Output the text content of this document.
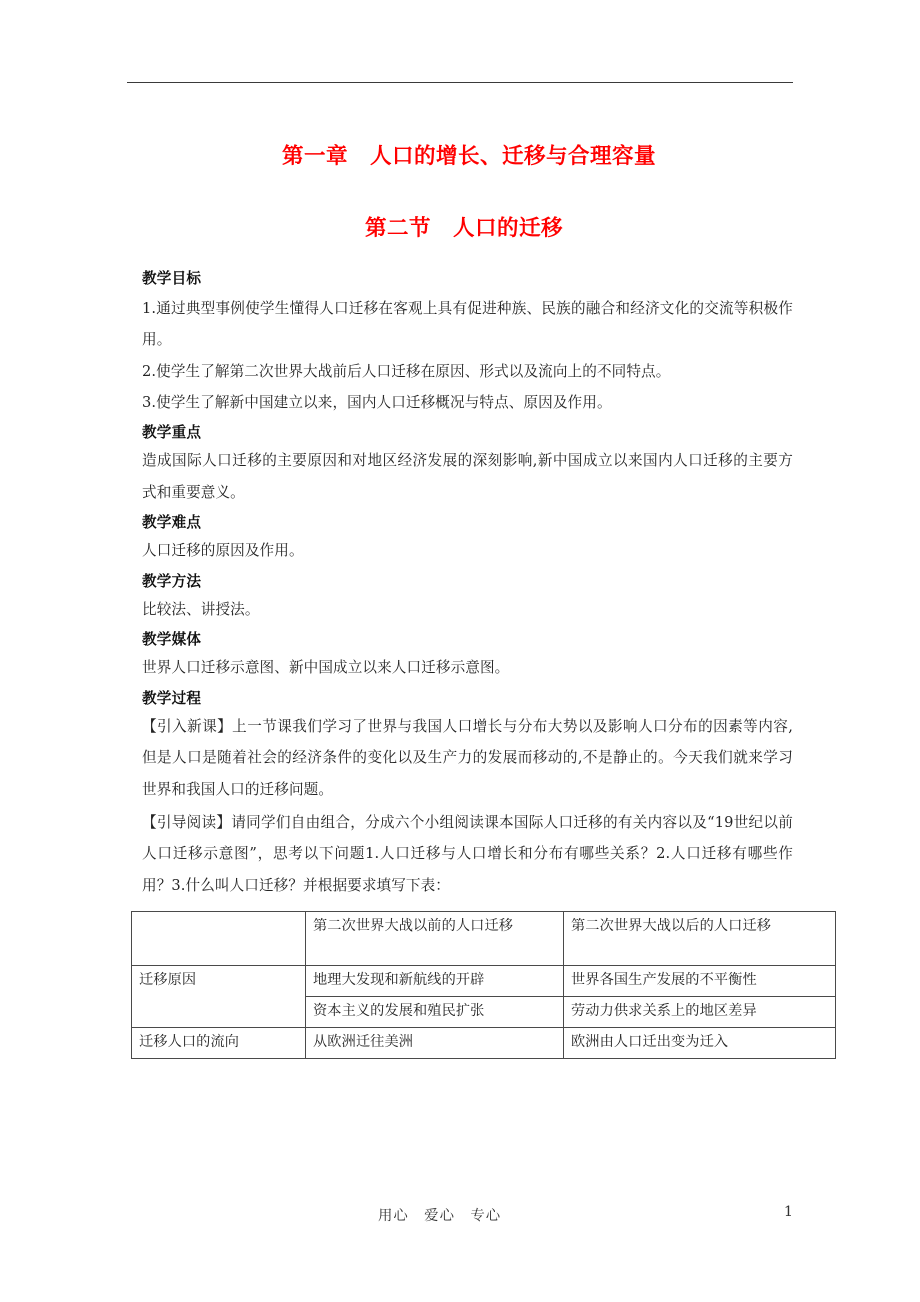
第一章　人口的增长、迁移与合理容量
第二节　人口的迁移

教学目标

1.通过典型事例使学生懂得人口迁移在客观上具有促进种族、民族的融合和经济文化的交流等积极作用。

2.使学生了解第二次世界大战前后人口迁移在原因、形式以及流向上的不同特点。

3.使学生了解新中国建立以来，国内人口迁移概况与特点、原因及作用。

教学重点

造成国际人口迁移的主要原因和对地区经济发展的深刻影响,新中国成立以来国内人口迁移的主要方式和重要意义。

教学难点

人口迁移的原因及作用。

教学方法

比较法、讲授法。

教学媒体

世界人口迁移示意图、新中国成立以来人口迁移示意图。

教学过程

【引入新课】上一节课我们学习了世界与我国人口增长与分布大势以及影响人口分布的因素等内容,但是人口是随着社会的经济条件的变化以及生产力的发展而移动的,不是静止的。今天我们就来学习世界和我国人口的迁移问题。

【引导阅读】请同学们自由组合，分成六个小组阅读课本国际人口迁移的有关内容以及“19世纪以前人口迁移示意图”，思考以下问题1.人口迁移与人口增长和分布有哪些关系？2.人口迁移有哪些作用？3.什么叫人口迁移？并根据要求填写下表：

	第二次世界大战以前的人口迁移	第二次世界大战以后的人口迁移
迁移原因	地理大发现和新航线的开辟	世界各国生产发展的不平衡性
	资本主义的发展和殖民扩张	劳动力供求关系上的地区差异
迁移人口的流向	从欧洲迁往美洲	欧洲由人口迁出变为迁入
用心　爱心　专心	1
